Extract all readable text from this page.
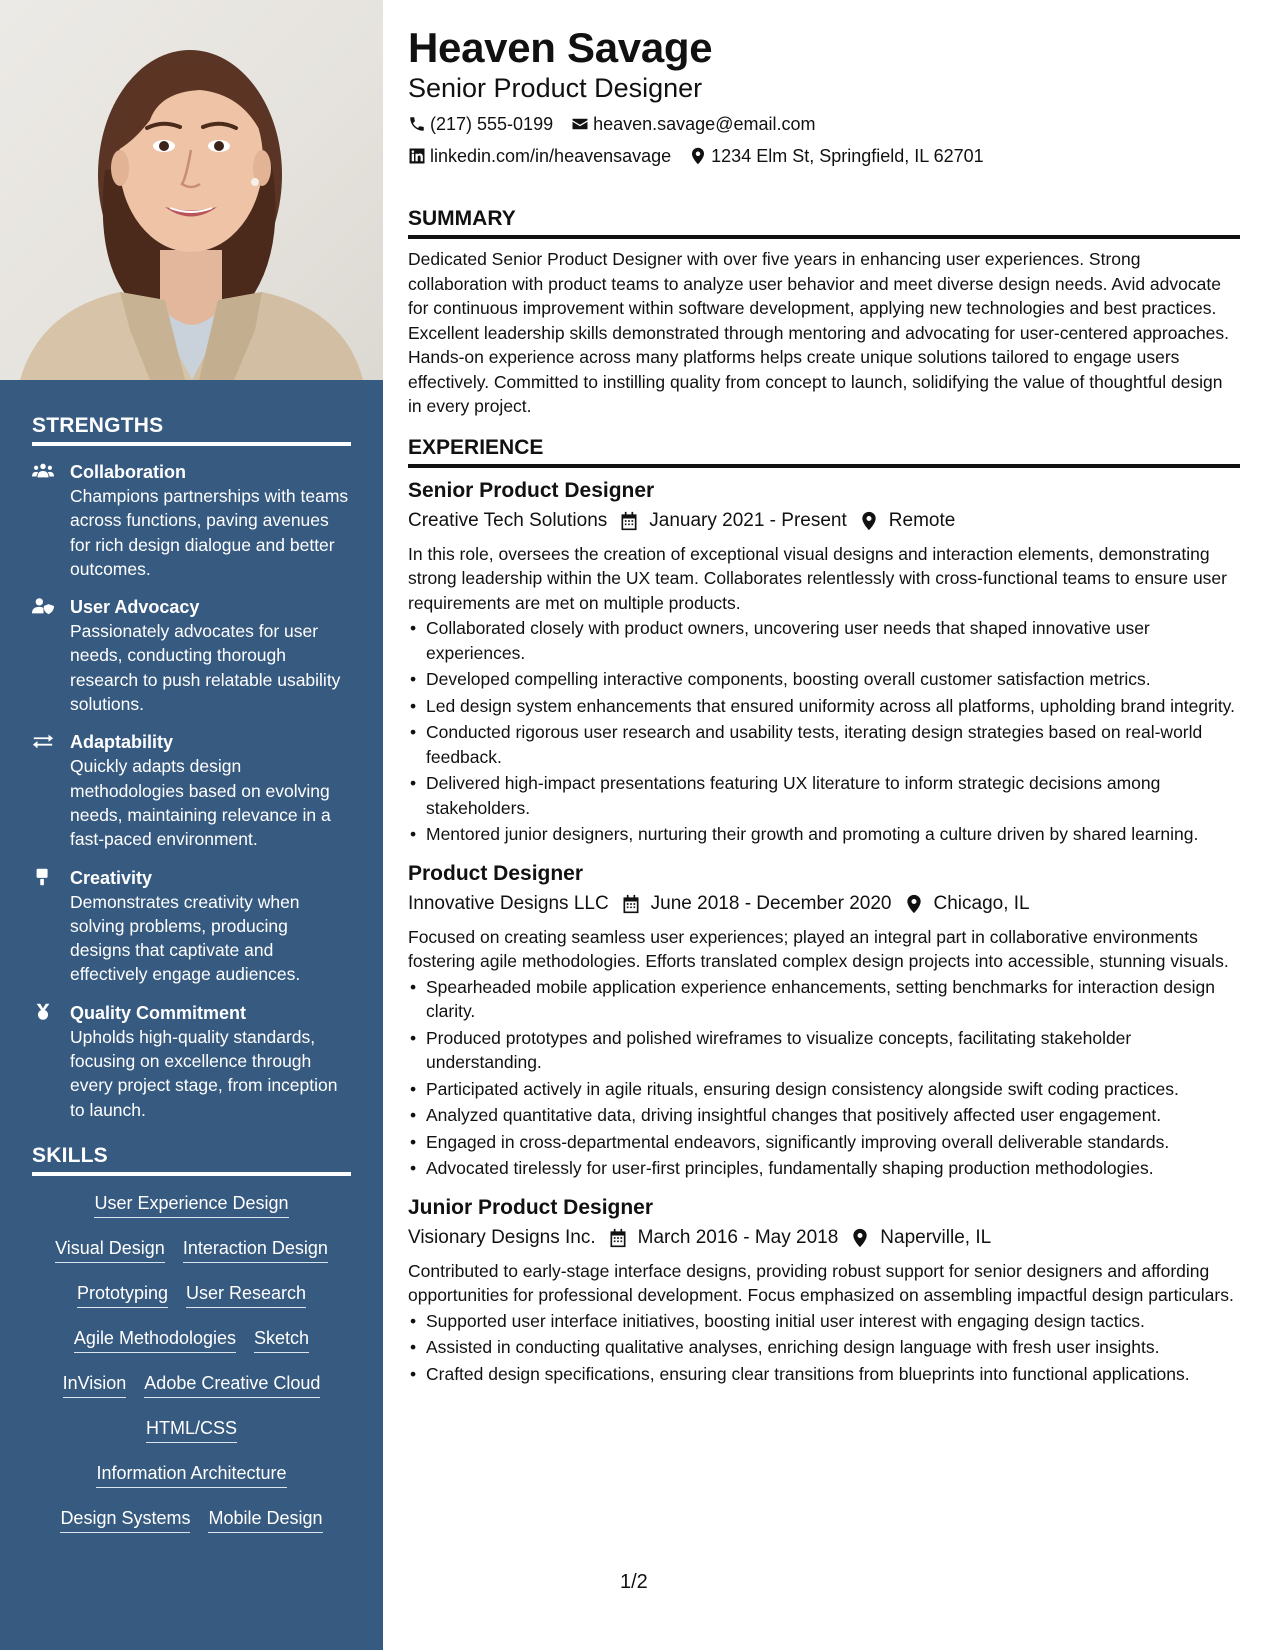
STRENGTHS
Collaboration
Champions partnerships with teams across functions, paving avenues for rich design dialogue and better outcomes.
User Advocacy
Passionately advocates for user needs, conducting thorough research to push relatable usability solutions.
Adaptability
Quickly adapts design methodologies based on evolving needs, maintaining relevance in a fast-paced environment.
Creativity
Demonstrates creativity when solving problems, producing designs that captivate and effectively engage audiences.
Quality Commitment
Upholds high-quality standards, focusing on excellence through every project stage, from inception to launch.
SKILLS
User Experience Design
Visual Design Interaction Design
Prototyping User Research
Agile Methodologies Sketch
InVision Adobe Creative Cloud
HTML/CSS
Information Architecture
Design Systems Mobile Design
Heaven Savage
Senior Product Designer
(217) 555-0199 heaven.savage@email.com
linkedin.com/in/heavensavage 1234 Elm St, Springfield, IL 62701
SUMMARY

Dedicated Senior Product Designer with over five years in enhancing user experiences. Strong collaboration with product teams to analyze user behavior and meet diverse design needs. Avid advocate for continuous improvement within software development, applying new technologies and best practices. Excellent leadership skills demonstrated through mentoring and advocating for user-centered approaches. Hands-on experience across many platforms helps create unique solutions tailored to engage users effectively. Committed to instilling quality from concept to launch, solidifying the value of thoughtful design in every project.

EXPERIENCE
Senior Product Designer
Creative Tech Solutions January 2021 - Present Remote

In this role, oversees the creation of exceptional visual designs and interaction elements, demonstrating strong leadership within the UX team. Collaborates relentlessly with cross-functional teams to ensure user requirements are met on multiple products.

• Collaborated closely with product owners, uncovering user needs that shaped innovative user experiences.
• Developed compelling interactive components, boosting overall customer satisfaction metrics.
• Led design system enhancements that ensured uniformity across all platforms, upholding brand integrity.
• Conducted rigorous user research and usability tests, iterating design strategies based on real-world feedback.
• Delivered high-impact presentations featuring UX literature to inform strategic decisions among stakeholders.
• Mentored junior designers, nurturing their growth and promoting a culture driven by shared learning.
Product Designer
Innovative Designs LLC June 2018 - December 2020 Chicago, IL

Focused on creating seamless user experiences; played an integral part in collaborative environments fostering agile methodologies. Efforts translated complex design projects into accessible, stunning visuals.

• Spearheaded mobile application experience enhancements, setting benchmarks for interaction design clarity.
• Produced prototypes and polished wireframes to visualize concepts, facilitating stakeholder understanding.
• Participated actively in agile rituals, ensuring design consistency alongside swift coding practices.
• Analyzed quantitative data, driving insightful changes that positively affected user engagement.
• Engaged in cross-departmental endeavors, significantly improving overall deliverable standards.
• Advocated tirelessly for user-first principles, fundamentally shaping production methodologies.
Junior Product Designer
Visionary Designs Inc. March 2016 - May 2018 Naperville, IL

Contributed to early-stage interface designs, providing robust support for senior designers and affording opportunities for professional development. Focus emphasized on assembling impactful design particulars.

• Supported user interface initiatives, boosting initial user interest with engaging design tactics.
• Assisted in conducting qualitative analyses, enriching design language with fresh user insights.
• Crafted design specifications, ensuring clear transitions from blueprints into functional applications.
1/2
